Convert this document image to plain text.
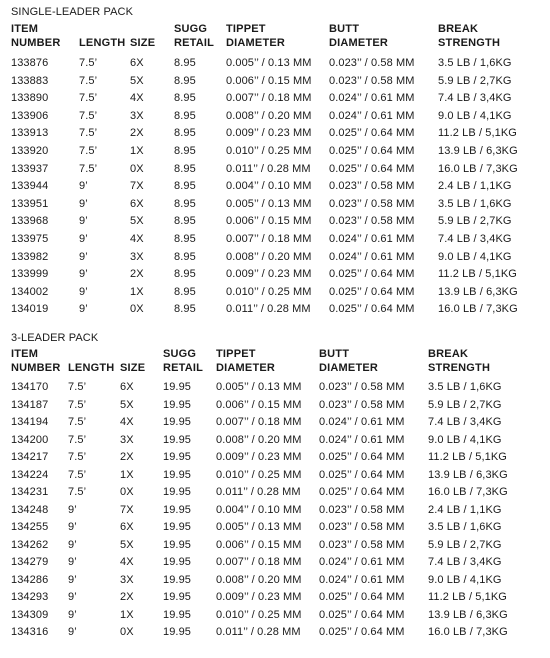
SINGLE-LEADER PACK
ITEM
NUMBER
LENGTH
SIZE
SUGG
RETAIL
TIPPET
DIAMETER
BUTT
DIAMETER
BREAK
STRENGTH
133876	7.5’	6X	8.95	0.005’’ / 0.13 MM 0.023’’ / 0.58 MM 3.5 LB / 1,6KG
133883	7.5’	5X	8.95	0.006’’ / 0.15 MM 0.023’’ / 0.58 MM 5.9 LB / 2,7KG
133890	7.5’	4X	8.95	0.007’’ / 0.18 MM 0.024’’ / 0.61 MM 7.4 LB / 3,4KG
133906	7.5’	3X	8.95	0.008’’ / 0.20 MM 0.024’’ / 0.61 MM 9.0 LB / 4,1KG
133913	7.5’	2X	8.95	0.009’’ / 0.23 MM 0.025’’ / 0.64 MM 11.2 LB / 5,1KG
133920	7.5’	1X	8.95	0.010’’ / 0.25 MM 0.025’’ / 0.64 MM 13.9 LB / 6,3KG
133937	7.5’	0X	8.95	0.011’’ / 0.28 MM 0.025’’ / 0.64 MM 16.0 LB / 7,3KG
133944	9’	7X	8.95	0.004’’ / 0.10 MM 0.023’’ / 0.58 MM 2.4 LB / 1,1KG
133951	9’	6X	8.95	0.005’’ / 0.13 MM 0.023’’ / 0.58 MM 3.5 LB / 1,6KG
133968	9’	5X	8.95	0.006’’ / 0.15 MM 0.023’’ / 0.58 MM 5.9 LB / 2,7KG
133975	9’	4X	8.95	0.007’’ / 0.18 MM 0.024’’ / 0.61 MM 7.4 LB / 3,4KG
133982	9’	3X	8.95	0.008’’ / 0.20 MM 0.024’’ / 0.61 MM 9.0 LB / 4,1KG
133999	9’	2X	8.95	0.009’’ / 0.23 MM 0.025’’ / 0.64 MM 11.2 LB / 5,1KG
134002	9’	1X	8.95	0.010’’ / 0.25 MM 0.025’’ / 0.64 MM 13.9 LB / 6,3KG
134019	9’	0X	8.95	0.011’’ / 0.28 MM 0.025’’ / 0.64 MM 16.0 LB / 7,3KG
3-LEADER PACK
ITEM
NUMBER
LENGTH
SIZE
SUGG
RETAIL
TIPPET
DIAMETER
BUTT
DIAMETER
BREAK
STRENGTH
134170 7.5’	6X	19.95 0.005’’ / 0.13 MM 0.023’’ / 0.58 MM 3.5 LB / 1,6KG
134187 7.5’	5X	19.95 0.006’’ / 0.15 MM 0.023’’ / 0.58 MM 5.9 LB / 2,7KG
134194 7.5’	4X	19.95 0.007’’ / 0.18 MM 0.024’’ / 0.61 MM 7.4 LB / 3,4KG
134200 7.5’	3X	19.95 0.008’’ / 0.20 MM 0.024’’ / 0.61 MM 9.0 LB / 4,1KG
134217 7.5’	2X	19.95 0.009’’ / 0.23 MM 0.025’’ / 0.64 MM 11.2 LB / 5,1KG
134224 7.5’	1X	19.95 0.010’’ / 0.25 MM 0.025’’ / 0.64 MM 13.9 LB / 6,3KG
134231 7.5’	0X	19.95 0.011’’ / 0.28 MM 0.025’’ / 0.64 MM 16.0 LB / 7,3KG
134248 9’	7X	19.95 0.004’’ / 0.10 MM 0.023’’ / 0.58 MM 2.4 LB / 1,1KG
134255 9’	6X	19.95 0.005’’ / 0.13 MM 0.023’’ / 0.58 MM 3.5 LB / 1,6KG
134262 9’	5X	19.95 0.006’’ / 0.15 MM 0.023’’ / 0.58 MM 5.9 LB / 2,7KG
134279 9’	4X	19.95 0.007’’ / 0.18 MM 0.024’’ / 0.61 MM 7.4 LB / 3,4KG
134286 9’	3X	19.95 0.008’’ / 0.20 MM 0.024’’ / 0.61 MM 9.0 LB / 4,1KG
134293 9’	2X	19.95 0.009’’ / 0.23 MM 0.025’’ / 0.64 MM 11.2 LB / 5,1KG
134309 9’	1X	19.95 0.010’’ / 0.25 MM 0.025’’ / 0.64 MM 13.9 LB / 6,3KG
134316 9’	0X	19.95 0.011’’ / 0.28 MM 0.025’’ / 0.64 MM 16.0 LB / 7,3KG
